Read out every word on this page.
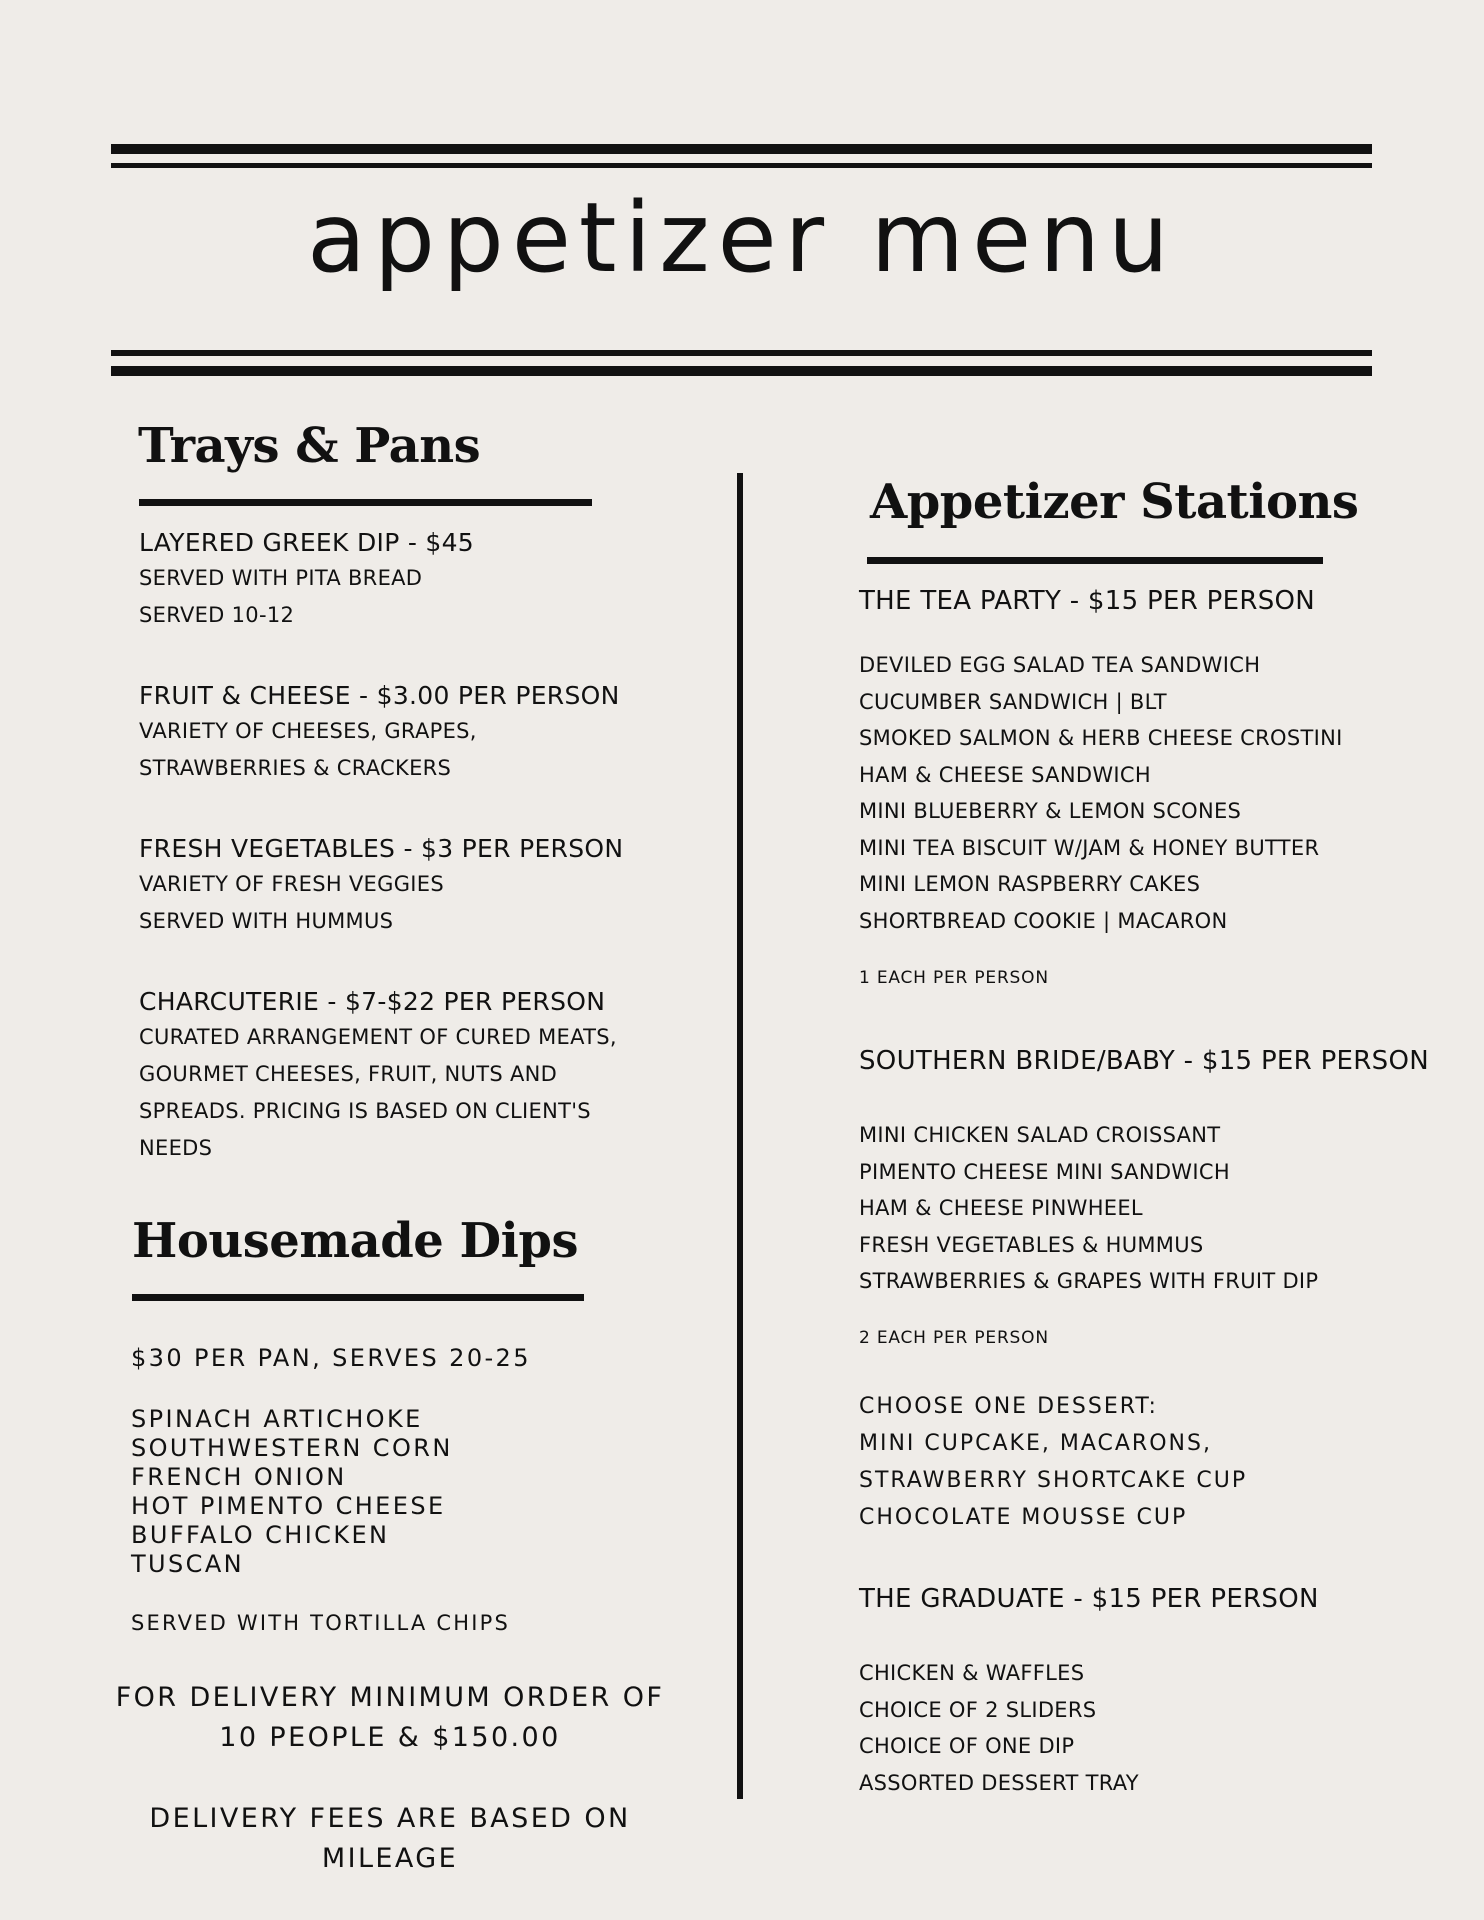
appetizer menu
Trays & Pans
LAYERED GREEK DIP - $45
SERVED WITH PITA BREAD
SERVED 10-12
FRUIT & CHEESE - $3.00 PER PERSON
VARIETY OF CHEESES, GRAPES,
STRAWBERRIES & CRACKERS
FRESH VEGETABLES - $3 PER PERSON
VARIETY OF FRESH VEGGIES
SERVED WITH HUMMUS
CHARCUTERIE - $7-$22 PER PERSON
CURATED ARRANGEMENT OF CURED MEATS,
GOURMET CHEESES, FRUIT, NUTS AND
SPREADS. PRICING IS BASED ON CLIENT'S
NEEDS
Housemade Dips
$30 PER PAN, SERVES 20-25
SPINACH ARTICHOKE
SOUTHWESTERN CORN
FRENCH ONION
HOT PIMENTO CHEESE
BUFFALO CHICKEN
TUSCAN
SERVED WITH TORTILLA CHIPS
FOR DELIVERY MINIMUM ORDER OF
10 PEOPLE & $150.00
DELIVERY FEES ARE BASED ON
MILEAGE
Appetizer Stations
THE TEA PARTY - $15 PER PERSON
DEVILED EGG SALAD TEA SANDWICH
CUCUMBER SANDWICH | BLT
SMOKED SALMON & HERB CHEESE CROSTINI
HAM & CHEESE SANDWICH
MINI BLUEBERRY & LEMON SCONES
MINI TEA BISCUIT W/JAM & HONEY BUTTER
MINI LEMON RASPBERRY CAKES
SHORTBREAD COOKIE | MACARON
1 EACH PER PERSON
SOUTHERN BRIDE/BABY - $15 PER PERSON
MINI CHICKEN SALAD CROISSANT
PIMENTO CHEESE MINI SANDWICH
HAM & CHEESE PINWHEEL
FRESH VEGETABLES & HUMMUS
STRAWBERRIES & GRAPES WITH FRUIT DIP
2 EACH PER PERSON
CHOOSE ONE DESSERT:
MINI CUPCAKE, MACARONS,
STRAWBERRY SHORTCAKE CUP
CHOCOLATE MOUSSE CUP
THE GRADUATE - $15 PER PERSON
CHICKEN & WAFFLES
CHOICE OF 2 SLIDERS
CHOICE OF ONE DIP
ASSORTED DESSERT TRAY
